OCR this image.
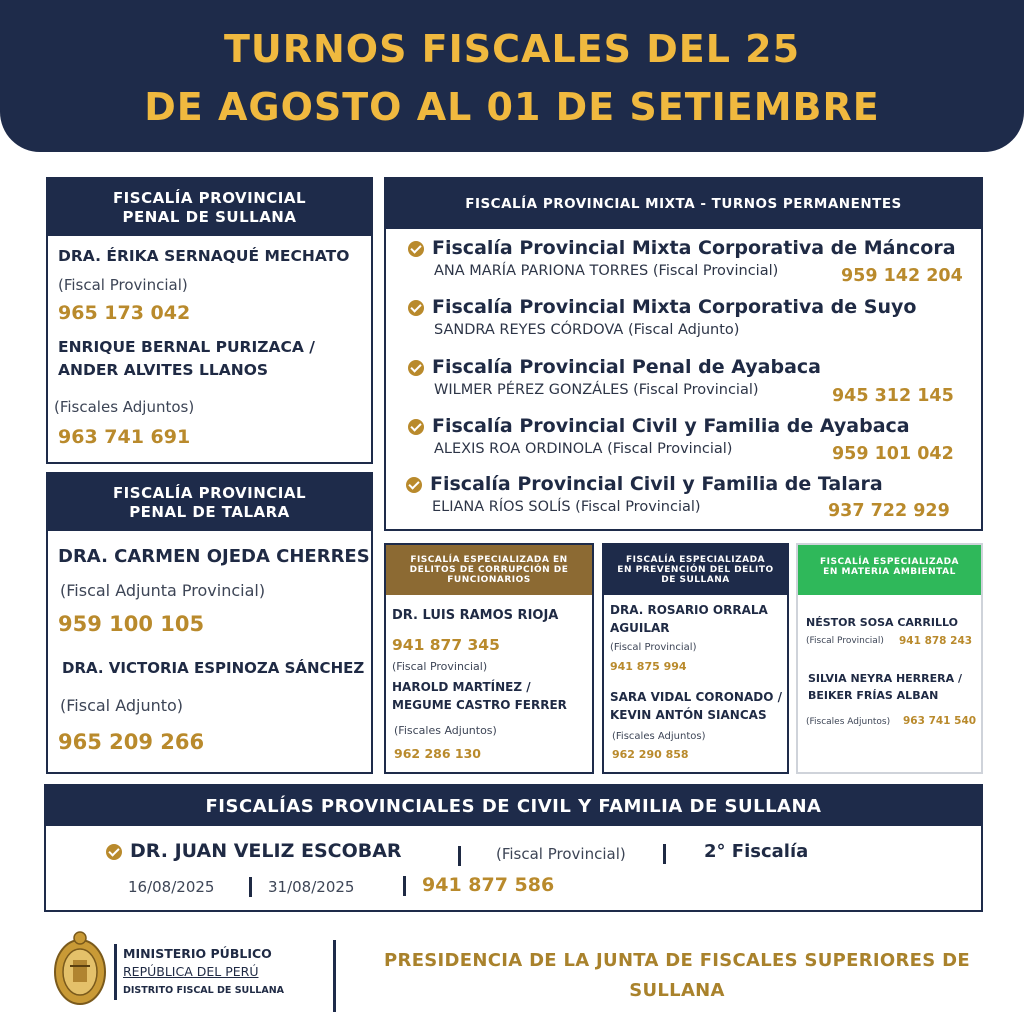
TURNOS FISCALES DEL 25
DE AGOSTO AL 01 DE SETIEMBRE
FISCALÍA PROVINCIAL
PENAL DE SULLANA
DRA. ÉRIKA SERNAQUÉ MECHATO
(Fiscal Provincial)
965 173 042
ENRIQUE BERNAL PURIZACA /
ANDER ALVITES LLANOS
(Fiscales Adjuntos)
963 741 691
FISCALÍA PROVINCIAL
PENAL DE TALARA
DRA. CARMEN OJEDA CHERRES
(Fiscal Adjunta Provincial)
959 100 105
DRA. VICTORIA ESPINOZA SÁNCHEZ
(Fiscal Adjunto)
965 209 266
FISCALÍA PROVINCIAL MIXTA - TURNOS PERMANENTES
Fiscalía Provincial Mixta Corporativa de Máncora
ANA MARÍA PARIONA TORRES (Fiscal Provincial)	959 142 204
Fiscalía Provincial Mixta Corporativa de Suyo
SANDRA REYES CÓRDOVA (Fiscal Adjunto)
Fiscalía Provincial Penal de Ayabaca
WILMER PÉREZ GONZÁLES (Fiscal Provincial)	945 312 145
Fiscalía Provincial Civil y Familia de Ayabaca
ALEXIS ROA ORDINOLA (Fiscal Provincial)	959 101 042
Fiscalía Provincial Civil y Familia de Talara
ELIANA RÍOS SOLÍS (Fiscal Provincial)	937 722 929
FISCALÍA ESPECIALIZADA EN
DELITOS DE CORRUPCIÓN DE
FUNCIONARIOS
DR. LUIS RAMOS RIOJA
941 877 345
(Fiscal Provincial)
HAROLD MARTÍNEZ /
MEGUME CASTRO FERRER
(Fiscales Adjuntos)
962 286 130
FISCALÍA ESPECIALIZADA
EN PREVENCIÓN DEL DELITO
DE SULLANA
DRA. ROSARIO ORRALA
AGUILAR
(Fiscal Provincial)
941 875 994
SARA VIDAL CORONADO /
KEVIN ANTÓN SIANCAS
(Fiscales Adjuntos)
962 290 858
FISCALÍA ESPECIALIZADA
EN MATERIA AMBIENTAL
NÉSTOR SOSA CARRILLO
(Fiscal Provincial) 941 878 243
SILVIA NEYRA HERRERA /
BEIKER FRÍAS ALBAN
(Fiscales Adjuntos) 963 741 540
FISCALÍAS PROVINCIALES DE CIVIL Y FAMILIA DE SULLANA
DR. JUAN VELIZ ESCOBAR	(Fiscal Provincial)	2° Fiscalía
16/08/2025	31/08/2025	941 877 586
MINISTERIO PÚBLICO
REPÚBLICA DEL PERÚ
DISTRITO FISCAL DE SULLANA
PRESIDENCIA DE LA JUNTA DE FISCALES SUPERIORES DE
SULLANA
